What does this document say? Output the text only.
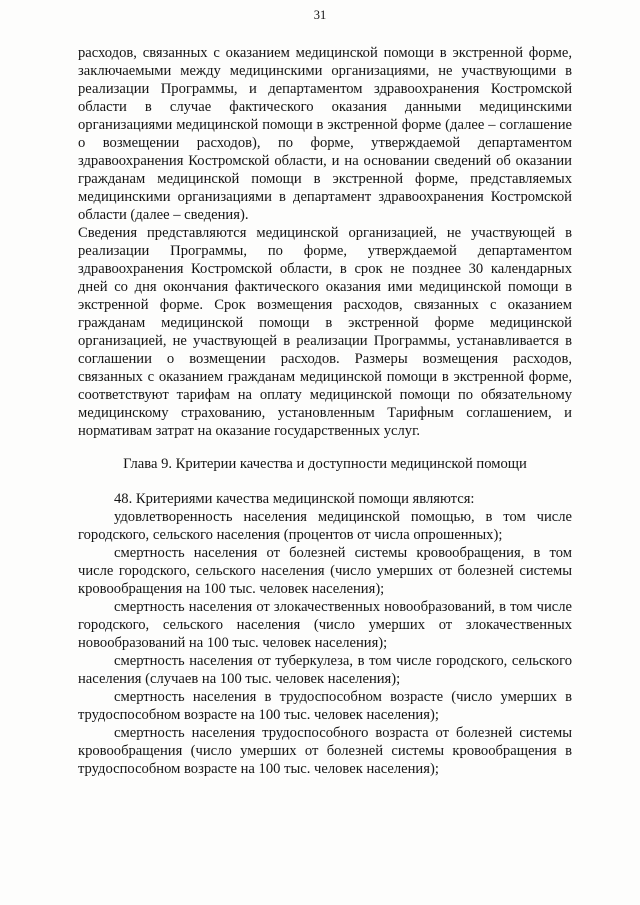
31

расходов, связанных с оказанием медицинской помощи в экстренной форме, заключаемыми между медицинскими организациями, не участвующими в реализации Программы, и департаментом здравоохранения Костромской области в случае фактического оказания данными медицинскими организациями медицинской помощи в экстренной форме (далее – соглашение о возмещении расходов), по форме, утверждаемой департаментом здравоохранения Костромской области, и на основании сведений об оказании гражданам медицинской помощи в экстренной форме, представляемых медицинскими организациями в департамент здравоохранения Костромской области (далее – сведения).

Сведения представляются медицинской организацией, не участвующей в реализации Программы, по форме, утверждаемой департаментом здравоохранения Костромской области, в срок не позднее 30 календарных дней со дня окончания фактического оказания ими медицинской помощи в экстренной форме. Срок возмещения расходов, связанных с оказанием гражданам медицинской помощи в экстренной форме медицинской организацией, не участвующей в реализации Программы, устанавливается в соглашении о возмещении расходов. Размеры возмещения расходов, связанных с оказанием гражданам медицинской помощи в экстренной форме, соответствуют тарифам на оплату медицинской помощи по обязательному медицинскому страхованию, установленным Тарифным соглашением, и нормативам затрат на оказание государственных услуг.

Глава 9. Критерии качества и доступности медицинской помощи

48. Критериями качества медицинской помощи являются:

удовлетворенность населения медицинской помощью, в том числе городского, сельского населения (процентов от числа опрошенных);

смертность населения от болезней системы кровообращения, в том числе городского, сельского населения (число умерших от болезней системы кровообращения на 100 тыс. человек населения);

смертность населения от злокачественных новообразований, в том числе городского, сельского населения (число умерших от злокачественных новообразований на 100 тыс. человек населения);

смертность населения от туберкулеза, в том числе городского, сельского населения (случаев на 100 тыс. человек населения);

смертность населения в трудоспособном возрасте (число умерших в трудоспособном возрасте на 100 тыс. человек населения);

смертность населения трудоспособного возраста от болезней системы кровообращения (число умерших от болезней системы кровообращения в трудоспособном возрасте на 100 тыс. человек населения);
